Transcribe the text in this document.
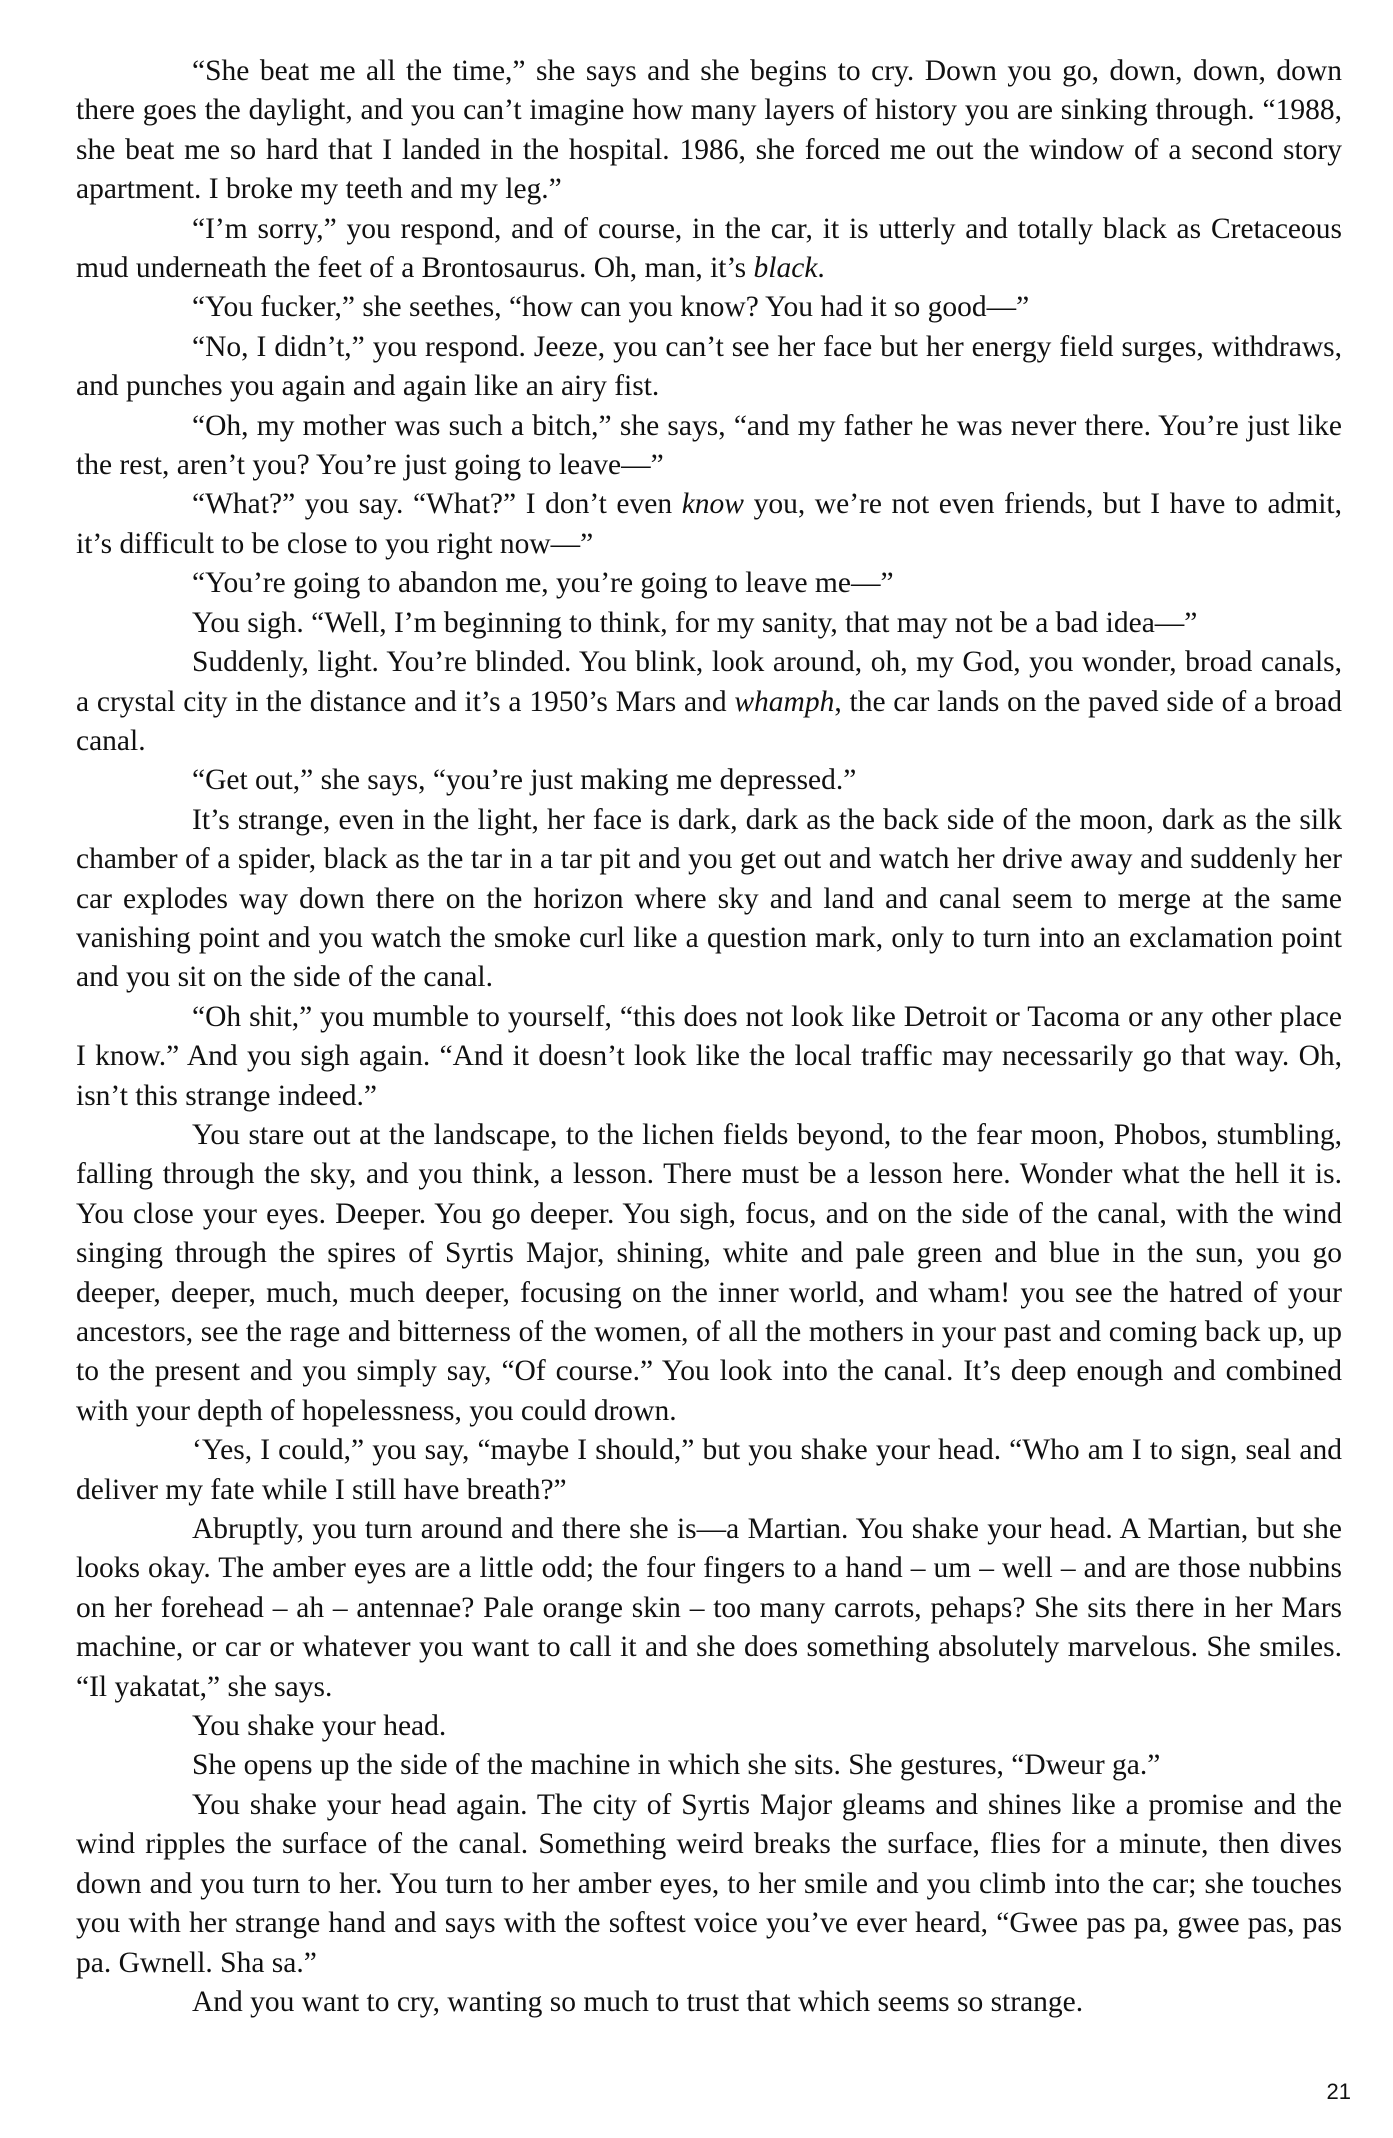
“She beat me all the time,” she says and she begins to cry. Down you go, down, down, down there goes the daylight, and you can’t imagine how many layers of history you are sinking through. “1988, she beat me so hard that I landed in the hospital. 1986, she forced me out the window of a second story apartment. I broke my teeth and my leg.”

“I’m sorry,” you respond, and of course, in the car, it is utterly and totally black as Cretaceous mud underneath the feet of a Brontosaurus. Oh, man, it’s black.

“You fucker,” she seethes, “how can you know? You had it so good—”

“No, I didn’t,” you respond. Jeeze, you can’t see her face but her energy field surges, withdraws, and punches you again and again like an airy fist.

“Oh, my mother was such a bitch,” she says, “and my father he was never there. You’re just like the rest, aren’t you? You’re just going to leave—”

“What?” you say. “What?” I don’t even know you, we’re not even friends, but I have to admit, it’s difficult to be close to you right now—”

“You’re going to abandon me, you’re going to leave me—”

You sigh. “Well, I’m beginning to think, for my sanity, that may not be a bad idea—”

Suddenly, light. You’re blinded. You blink, look around, oh, my God, you wonder, broad canals, a crystal city in the distance and it’s a 1950’s Mars and whamph, the car lands on the paved side of a broad canal.

“Get out,” she says, “you’re just making me depressed.”

It’s strange, even in the light, her face is dark, dark as the back side of the moon, dark as the silk chamber of a spider, black as the tar in a tar pit and you get out and watch her drive away and suddenly her car explodes way down there on the horizon where sky and land and canal seem to merge at the same vanishing point and you watch the smoke curl like a question mark, only to turn into an exclamation point and you sit on the side of the canal.

“Oh shit,” you mumble to yourself, “this does not look like Detroit or Tacoma or any other place I know.” And you sigh again. “And it doesn’t look like the local traffic may necessarily go that way. Oh, isn’t this strange indeed.”

You stare out at the landscape, to the lichen fields beyond, to the fear moon, Phobos, stumbling, falling through the sky, and you think, a lesson. There must be a lesson here. Wonder what the hell it is. You close your eyes. Deeper. You go deeper. You sigh, focus, and on the side of the canal, with the wind singing through the spires of Syrtis Major, shining, white and pale green and blue in the sun, you go deeper, deeper, much, much deeper, focusing on the inner world, and wham! you see the hatred of your ancestors, see the rage and bitterness of the women, of all the mothers in your past and coming back up, up to the present and you simply say, “Of course.” You look into the canal. It’s deep enough and combined with your depth of hopelessness, you could drown.

‘Yes, I could,” you say, “maybe I should,” but you shake your head. “Who am I to sign, seal and deliver my fate while I still have breath?”

Abruptly, you turn around and there she is—a Martian. You shake your head. A Martian, but she looks okay. The amber eyes are a little odd; the four fingers to a hand – um – well – and are those nubbins on her forehead – ah – antennae? Pale orange skin – too many carrots, pehaps? She sits there in her Mars machine, or car or whatever you want to call it and she does something absolutely marvelous. She smiles. “Il yakatat,” she says.

You shake your head.

She opens up the side of the machine in which she sits. She gestures, “Dweur ga.”

You shake your head again. The city of Syrtis Major gleams and shines like a promise and the wind ripples the surface of the canal. Something weird breaks the surface, flies for a minute, then dives down and you turn to her. You turn to her amber eyes, to her smile and you climb into the car; she touches you with her strange hand and says with the softest voice you’ve ever heard, “Gwee pas pa, gwee pas, pas pa. Gwnell. Sha sa.”

And you want to cry, wanting so much to trust that which seems so strange.

21
